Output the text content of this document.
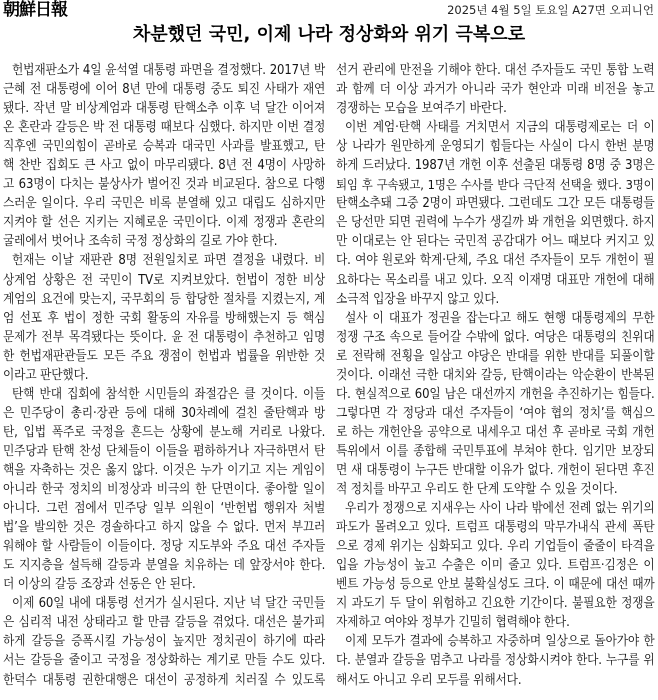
朝鮮日報	2025년 4월 5일 토요일 A27면 오피니언
차분했던 국민, 이제 나라 정상화와 위기 극복으로
헌법재판소가 4일 윤석열 대통령 파면을 결정했다. 2017년 박
근혜 전 대통령에 이어 8년 만에 대통령 중도 퇴진 사태가 재연
됐다. 작년 말 비상계엄과 대통령 탄핵소추 이후 넉 달간 이어져
온 혼란과 갈등은 박 전 대통령 때보다 심했다. 하지만 이번 결정
직후엔 국민의힘이 곧바로 승복과 대국민 사과를 발표했고, 탄
핵 찬반 집회도 큰 사고 없이 마무리됐다. 8년 전 4명이 사망하
고 63명이 다치는 불상사가 벌어진 것과 비교된다. 참으로 다행
스러운 일이다. 우리 국민은 비록 분열해 있고 대립도 심하지만
지켜야 할 선은 지키는 지혜로운 국민이다. 이제 정쟁과 혼란의
굴레에서 벗어나 조속히 국정 정상화의 길로 가야 한다.
헌재는 이날 재판관 8명 전원일치로 파면 결정을 내렸다. 비
상계엄 상황은 전 국민이 TV로 지켜보았다. 헌법이 정한 비상
계엄의 요건에 맞는지, 국무회의 등 합당한 절차를 지켰는지, 계
엄 선포 후 법이 정한 국회 활동의 자유를 방해했는지 등 핵심
문제가 전부 목격됐다는 뜻이다. 윤 전 대통령이 추천하고 임명
한 헌법재판관들도 모든 주요 쟁점이 헌법과 법률을 위반한 것
이라고 판단했다.
탄핵 반대 집회에 참석한 시민들의 좌절감은 클 것이다. 이들
은 민주당이 총리·장관 등에 대해 30차례에 걸친 줄탄핵과 방
탄, 입법 폭주로 국정을 흔드는 상황에 분노해 거리로 나왔다.
민주당과 탄핵 찬성 단체들이 이들을 폄하하거나 자극하면서 탄
핵을 자축하는 것은 옳지 않다. 이것은 누가 이기고 지는 게임이
아니라 한국 정치의 비정상과 비극의 한 단면이다. 좋아할 일이
아니다. 그런 점에서 민주당 일부 의원이 ‘반헌법 행위자 처벌
법’을 발의한 것은 경솔하다고 하지 않을 수 없다. 먼저 부끄러
워해야 할 사람들이 이들이다. 정당 지도부와 주요 대선 주자들
도 지지층을 설득해 갈등과 분열을 치유하는 데 앞장서야 한다.
더 이상의 갈등 조장과 선동은 안 된다.
이제 60일 내에 대통령 선거가 실시된다. 지난 넉 달간 국민들
은 심리적 내전 상태라고 할 만큼 갈등을 겪었다. 대선은 불가피
하게 갈등을 증폭시킬 가능성이 높지만 정치권이 하기에 따라
서는 갈등을 줄이고 국정을 정상화하는 계기로 만들 수도 있다.
한덕수 대통령 권한대행은 대선이 공정하게 치러질 수 있도록
선거 관리에 만전을 기해야 한다. 대선 주자들도 국민 통합 노력
과 함께 더 이상 과거가 아니라 국가 현안과 미래 비전을 놓고
경쟁하는 모습을 보여주기 바란다.
이번 계엄·탄핵 사태를 거치면서 지금의 대통령제로는 더 이
상 나라가 원만하게 운영되기 힘들다는 사실이 다시 한번 분명
하게 드러났다. 1987년 개헌 이후 선출된 대통령 8명 중 3명은
퇴임 후 구속됐고, 1명은 수사를 받다 극단적 선택을 했다. 3명이
탄핵소추돼 그중 2명이 파면됐다. 그런데도 그간 모든 대통령들
은 당선만 되면 권력에 누수가 생길까 봐 개헌을 외면했다. 하지
만 이대로는 안 된다는 국민적 공감대가 어느 때보다 커지고 있
다. 여야 원로와 학계·단체, 주요 대선 주자들이 모두 개헌이 필
요하다는 목소리를 내고 있다. 오직 이재명 대표만 개헌에 대해
소극적 입장을 바꾸지 않고 있다.
설사 이 대표가 정권을 잡는다고 해도 현행 대통령제의 무한
정쟁 구조 속으로 들어갈 수밖에 없다. 여당은 대통령의 친위대
로 전락해 전횡을 일삼고 야당은 반대를 위한 반대를 되풀이할
것이다. 이래선 극한 대치와 갈등, 탄핵이라는 악순환이 반복된
다. 현실적으로 60일 남은 대선까지 개헌을 추진하기는 힘들다.
그렇다면 각 정당과 대선 주자들이 ‘여야 협의 정치’를 핵심으
로 하는 개헌안을 공약으로 내세우고 대선 후 곧바로 국회 개헌
특위에서 이를 종합해 국민투표에 부쳐야 한다. 임기만 보장되
면 새 대통령이 누구든 반대할 이유가 없다. 개헌이 된다면 후진
적 정치를 바꾸고 우리도 한 단계 도약할 수 있을 것이다.
우리가 정쟁으로 지새우는 사이 나라 밖에선 전례 없는 위기의
파도가 몰려오고 있다. 트럼프 대통령의 막무가내식 관세 폭탄
으로 경제 위기는 심화되고 있다. 우리 기업들이 줄줄이 타격을
입을 가능성이 높고 수출은 이미 줄고 있다. 트럼프·김정은 이
벤트 가능성 등으로 안보 불확실성도 크다. 이 때문에 대선 때까
지 과도기 두 달이 위험하고 긴요한 기간이다. 불필요한 정쟁을
자제하고 여야와 정부가 긴밀히 협력해야 한다.
이제 모두가 결과에 승복하고 자중하며 일상으로 돌아가야 한
다. 분열과 갈등을 멈추고 나라를 정상화시켜야 한다. 누구를 위
해서도 아니고 우리 모두를 위해서다.
